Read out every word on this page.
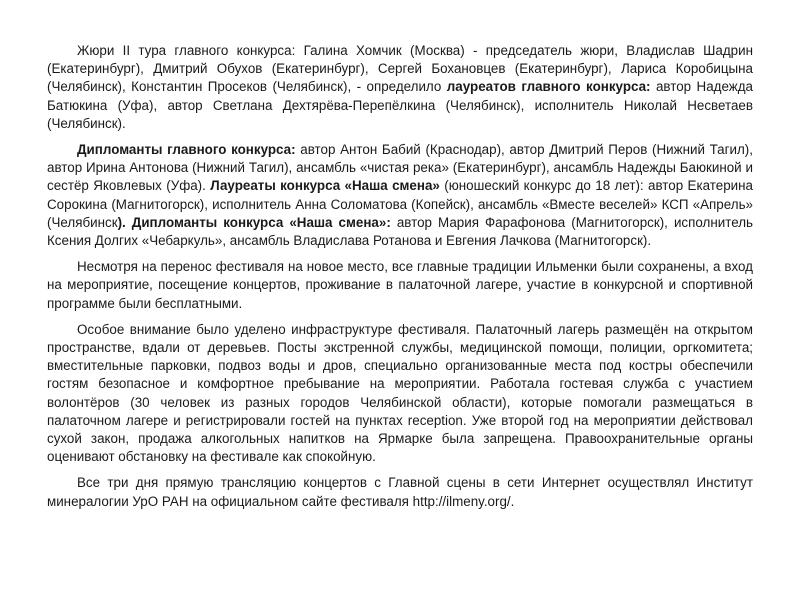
Жюри II тура главного конкурса: Галина Хомчик (Москва) - председатель жюри, Владислав Шадрин (Екатеринбург), Дмитрий Обухов (Екатеринбург), Сергей Бохановцев (Екатеринбург), Лариса Коробицына (Челябинск), Константин Просеков (Челябинск), - определило лауреатов главного конкурса: автор Надежда Батюкина (Уфа), автор Светлана Дехтярёва-Перепёлкина (Челябинск), исполнитель Николай Несветаев (Челябинск).

Дипломанты главного конкурса: автор Антон Бабий (Краснодар), автор Дмитрий Перов (Нижний Тагил), автор Ирина Антонова (Нижний Тагил), ансамбль «чистая река» (Екатеринбург), ансамбль Надежды Баюкиной и сестёр Яковлевых (Уфа). Лауреаты конкурса «Наша смена» (юношеский конкурс до 18 лет): автор Екатерина Сорокина (Магнитогорск), исполнитель Анна Соломатова (Копейск), ансамбль «Вместе веселей» КСП «Апрель» (Челябинск). Дипломанты конкурса «Наша смена»: автор Мария Фарафонова (Магнитогорск), исполнитель Ксения Долгих «Чебаркуль», ансамбль Владислава Ротанова и Евгения Лачкова (Магнитогорск).

Несмотря на перенос фестиваля на новое место, все главные традиции Ильменки были сохранены, а вход на мероприятие, посещение концертов, проживание в палаточной лагере, участие в конкурсной и спортивной программе были бесплатными.

Особое внимание было уделено инфраструктуре фестиваля. Палаточный лагерь размещён на открытом пространстве, вдали от деревьев. Посты экстренной службы, медицинской помощи, полиции, оргкомитета; вместительные парковки, подвоз воды и дров, специально организованные места под костры обеспечили гостям безопасное и комфортное пребывание на мероприятии. Работала гостевая служба с участием волонтёров (30 человек из разных городов Челябинской области), которые помогали размещаться в палаточном лагере и регистрировали гостей на пунктах reception. Уже второй год на мероприятии действовал сухой закон, продажа алкогольных напитков на Ярмарке была запрещена. Правоохранительные органы оценивают обстановку на фестивале как спокойную.

Все три дня прямую трансляцию концертов с Главной сцены в сети Интернет осуществлял Институт минералогии УрО РАН на официальном сайте фестиваля http://ilmeny.org/.
